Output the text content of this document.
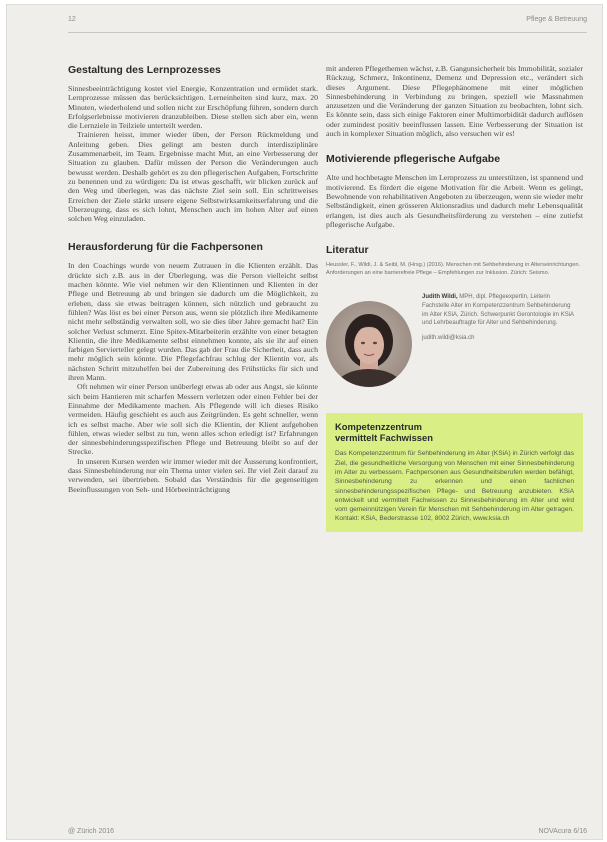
12	Pflege & Betreuung
Gestaltung des Lernprozesses

Sinnesbeeinträchtigung kostet viel Energie, Konzentration und ermüdet stark. Lernprozesse müssen das berücksichtigen. Lerneinheiten sind kurz, max. 20 Minuten, wiederholend und sollen nicht zur Erschöpfung führen, sondern durch Erfolgserlebnisse motivieren dranzubleiben. Diese stellen sich aber ein, wenn die Lernziele in Teilziele unterteilt werden.

Trainieren heisst, immer wieder üben, der Person Rückmeldung und Anleitung geben. Dies gelingt am besten durch interdisziplinäre Zusammenarbeit, im Team. Ergebnisse macht Mut, an eine Verbesserung der Situation zu glauben. Dafür müssen der Person die Veränderungen auch bewusst werden. Deshalb gehört es zu den pflegerischen Aufgaben, Fortschritte zu benennen und zu würdigen: Da ist etwas geschafft, wir blicken zurück auf den Weg und überlegen, was das nächste Ziel sein soll. Ein schrittweises Erreichen der Ziele stärkt unsere eigene Selbstwirksamkeitserfahrung und die Überzeugung, dass es sich lohnt, Menschen auch im hohen Alter auf einen solchen Weg einzuladen.

Herausforderung für die Fachpersonen

In den Coachings wurde von neuem Zutrauen in die Klienten erzählt. Das drückte sich z.B. aus in der Überlegung, was die Person vielleicht selbst machen könnte. Wie viel nehmen wir den Klientinnen und Klienten in der Pflege und Betreuung ab und bringen sie dadurch um die Möglichkeit, zu erleben, dass sie etwas beitragen können, sich nützlich und gebraucht zu fühlen? Was löst es bei einer Person aus, wenn sie plötzlich ihre Medikamente nicht mehr selbständig verwalten soll, wo sie dies über Jahre gemacht hat? Ein solcher Verlust schmerzt. Eine Spitex-Mitarbeiterin erzählte von einer betagten Klientin, die ihre Medikamente selbst einnehmen konnte, als sie ihr auf einen farbigen Servierteller gelegt wurden. Das gab der Frau die Sicherheit, dass auch mehr möglich sein könnte. Die Pflegefachfrau schlug der Klientin vor, als nächsten Schritt mitzuhelfen bei der Zubereitung des Frühstücks für sich und ihren Mann.

Oft nehmen wir einer Person unüberlegt etwas ab oder aus Angst, sie könnte sich beim Hantieren mit scharfen Messern verletzen oder einen Fehler bei der Einnahme der Medikamente machen. Als Pflegende will ich dieses Risiko vermeiden. Häufig geschieht es auch aus Zeitgründen. Es geht schneller, wenn ich es selbst mache. Aber wie soll sich die Klientin, der Klient aufgehoben fühlen, etwas wieder selbst zu tun, wenn alles schon erledigt ist? Erfahrungen der sinnesbehinderungsspezifischen Pflege und Betreuung bleibt so auf der Strecke.

In unseren Kursen werden wir immer wieder mit der Äusserung konfrontiert, dass Sinnesbehinderung nur ein Thema unter vielen sei. Ihr viel Zeit darauf zu verwenden, sei übertrieben. Sobald das Verständnis für die gegenseitigen Beeinflussungen von Seh- und Hörbeeinträchtigung

mit anderen Pflegethemen wächst, z.B. Gangunsicherheit bis Immobilität, sozialer Rückzug, Schmerz, Inkontinenz, Demenz und Depression etc., verändert sich dieses Argument. Diese Pflegephänomene mit einer möglichen Sinnesbehinderung in Verbindung zu bringen, speziell wie Massnahmen anzusetzen und die Veränderung der ganzen Situation zu beobachten, lohnt sich. Es könnte sein, dass sich einige Faktoren einer Multimorbidität dadurch auflösen oder zumindest positiv beeinflussen lassen. Eine Verbesserung der Situation ist auch in komplexer Situation möglich, also versuchen wir es!

Motivierende pflegerische Aufgabe

Alte und hochbetagte Menschen im Lernprozess zu unterstützen, ist spannend und motivierend. Es fördert die eigene Motivation für die Arbeit. Wenn es gelingt, Bewohnende von rehabilitativen Angeboten zu überzeugen, wenn sie wieder mehr Selbständigkeit, einen grösseren Aktionsradius und dadurch mehr Lebensqualität erlangen, ist dies auch als Gesundheitsförderung zu verstehen – eine zutiefst pflegerische Aufgabe.

Literatur

Heussler, F., Wildi, J. & Seibl, M. (Hrsg.) (2016). Menschen mit Sehbehinderung in Alterseinrichtungen. Anforderungen an eine barrierefreie Pflege – Empfehlungen zur Inklusion. Zürich: Seismo.

Judith Wildi, MPH, dipl. Pflegeexpertin, Leiterin Fachstelle Alter im Kompetenzzentrum Sehbehinderung im Alter KSiA, Zürich. Schwerpunkt Gerontologie im KSiA und Lehrbeauftragte für Alter und Sehbehinderung.
judith.wildi@ksia.ch
Kompetenzzentrum
vermittelt Fachwissen

Das Kompetenzzentrum für Sehbehinderung im Alter (KSiA) in Zürich verfolgt das Ziel, die gesundheitliche Versorgung von Menschen mit einer Sinnesbehinderung im Alter zu verbessern. Fachpersonen aus Gesundheitsberufen werden befähigt, Sinnesbehinderung zu erkennen und einen fachlichen sinnesbehinderungsspezifischen Pflege- und Betreuung anzubieten. KSiA entwickelt und vermittelt Fachwissen zu Sinnesbehinderung im Alter und wird vom gemeinnützigen Verein für Menschen mit Sehbehinderung im Alter getragen. Kontakt: KSiA, Bederstrasse 102, 8002 Zürich, www.ksia.ch

@ Zürich 2016	NOVAcura 6/16
